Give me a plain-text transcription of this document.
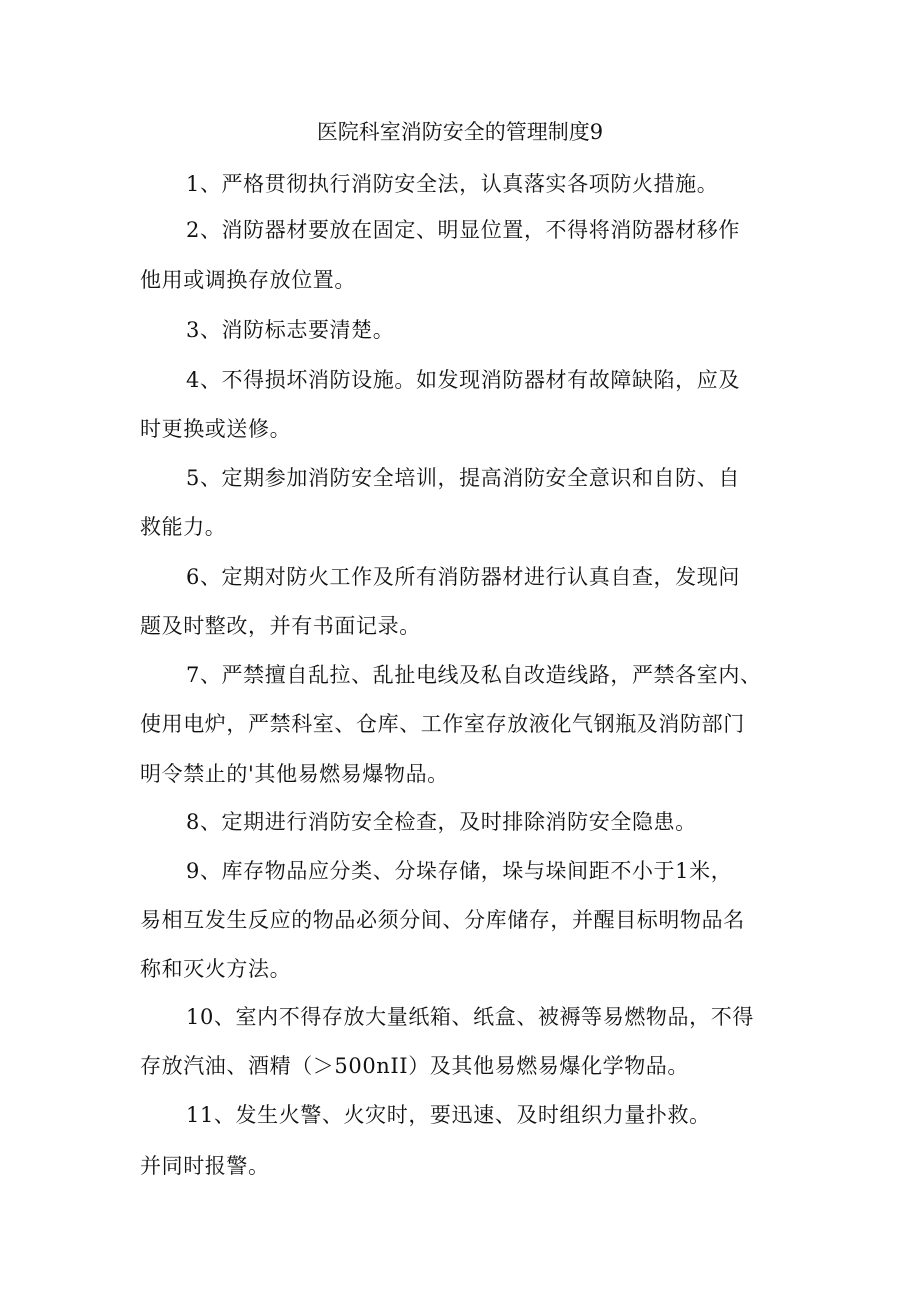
医院科室消防安全的管理制度9
1、严格贯彻执行消防安全法，认真落实各项防火措施。
2、消防器材要放在固定、明显位置，不得将消防器材移作
他用或调换存放位置。
3、消防标志要清楚。
4、不得损坏消防设施。如发现消防器材有故障缺陷，应及
时更换或送修。
5、定期参加消防安全培训，提高消防安全意识和自防、自
救能力。
6、定期对防火工作及所有消防器材进行认真自查，发现问
题及时整改，并有书面记录。
7、严禁擅自乱拉、乱扯电线及私自改造线路，严禁各室内、
使用电炉，严禁科室、仓库、工作室存放液化气钢瓶及消防部门
明令禁止的'其他易燃易爆物品。
8、定期进行消防安全检查，及时排除消防安全隐患。
9、库存物品应分类、分垛存储，垛与垛间距不小于1米，
易相互发生反应的物品必须分间、分库储存，并醒目标明物品名
称和灭火方法。
10、室内不得存放大量纸箱、纸盒、被褥等易燃物品，不得
存放汽油、酒精（＞500nII）及其他易燃易爆化学物品。
11、发生火警、火灾时，要迅速、及时组织力量扑救。
并同时报警。
